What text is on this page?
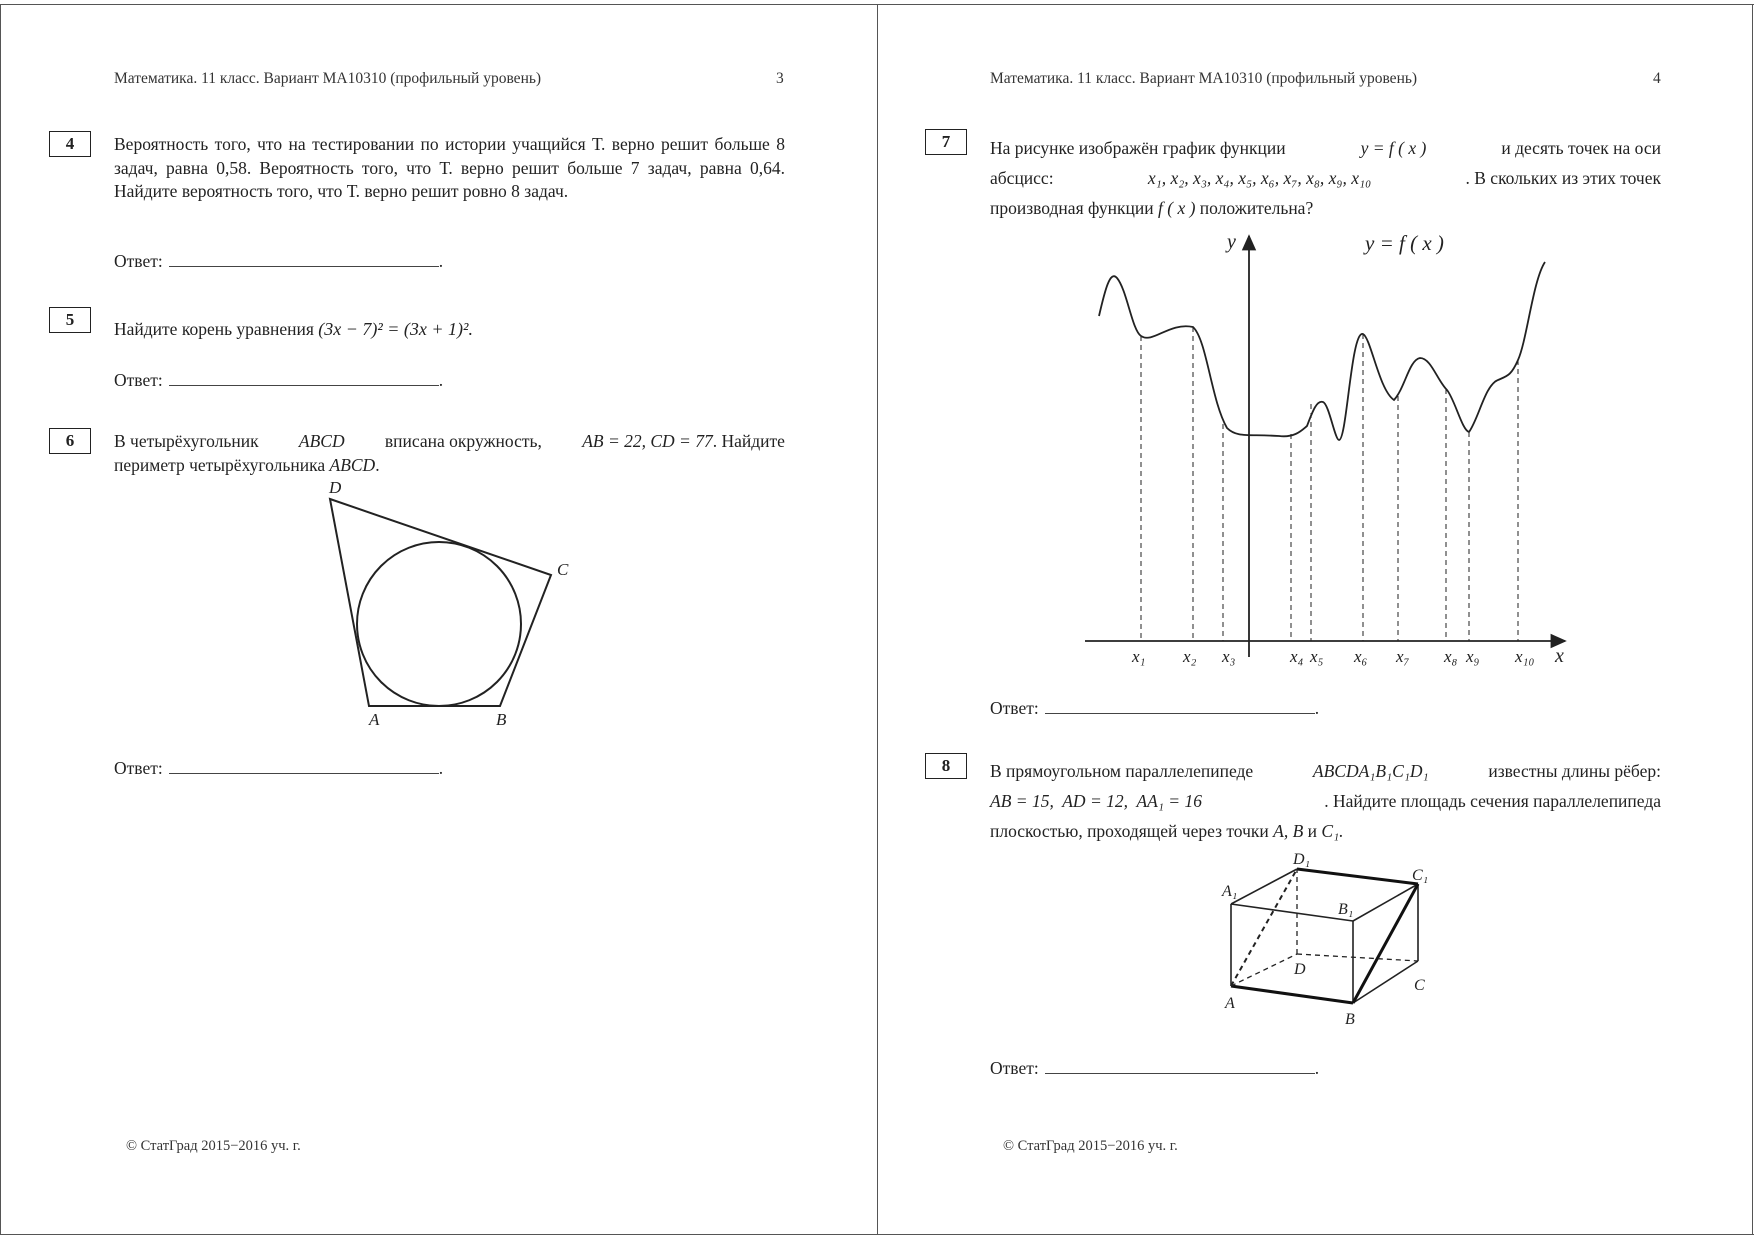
Математика. 11 класс. Вариант МА10310 (профильный уровень)	3
4	Вероятность того, что на тестировании по истории учащийся Т. верно решит больше 8 задач, равна 0,58. Вероятность того, что Т. верно решит больше 7 задач, равна 0,64. Найдите вероятность того, что Т. верно решит ровно 8 задач.
Ответ:	.
5	Найдите корень уравнения (3x − 7)² = (3x + 1)².
Ответ:	.
6	В четырёхугольник ABCD вписана окружность, AB = 22, CD = 77. Найдите
периметр четырёхугольника ABCD.
D
C
A	B
Ответ:	.
© СтатГрад 2015−2016 уч. г.
Математика. 11 класс. Вариант МА10310 (профильный уровень)	4
7	На рисунке изображён график функции	y = f ( x )	и десять точек на оси
абсцисс:	x₁, x₂, x₃, x₄, x₅, x₆, x₇, x₈, x₉, x₁₀	. В скольких из этих точек
производная функции f ( x ) положительна?
y
x
y = f ( x )
x₁ x₂ x₃	x₄ x₅ x₆ x₇ x₈ x₉ x₁₀
Ответ:	.
8	В прямоугольном параллелепипеде	ABCDA₁B₁C₁D₁	известны длины рёбер:
AB = 15,  AD = 12,  AA₁ = 16	. Найдите площадь сечения параллелепипеда
плоскостью, проходящей через точки A, B и C₁.
A
B
C
D
A₁
B₁
C₁
D₁
Ответ:	.
© СтатГрад 2015−2016 уч. г.
